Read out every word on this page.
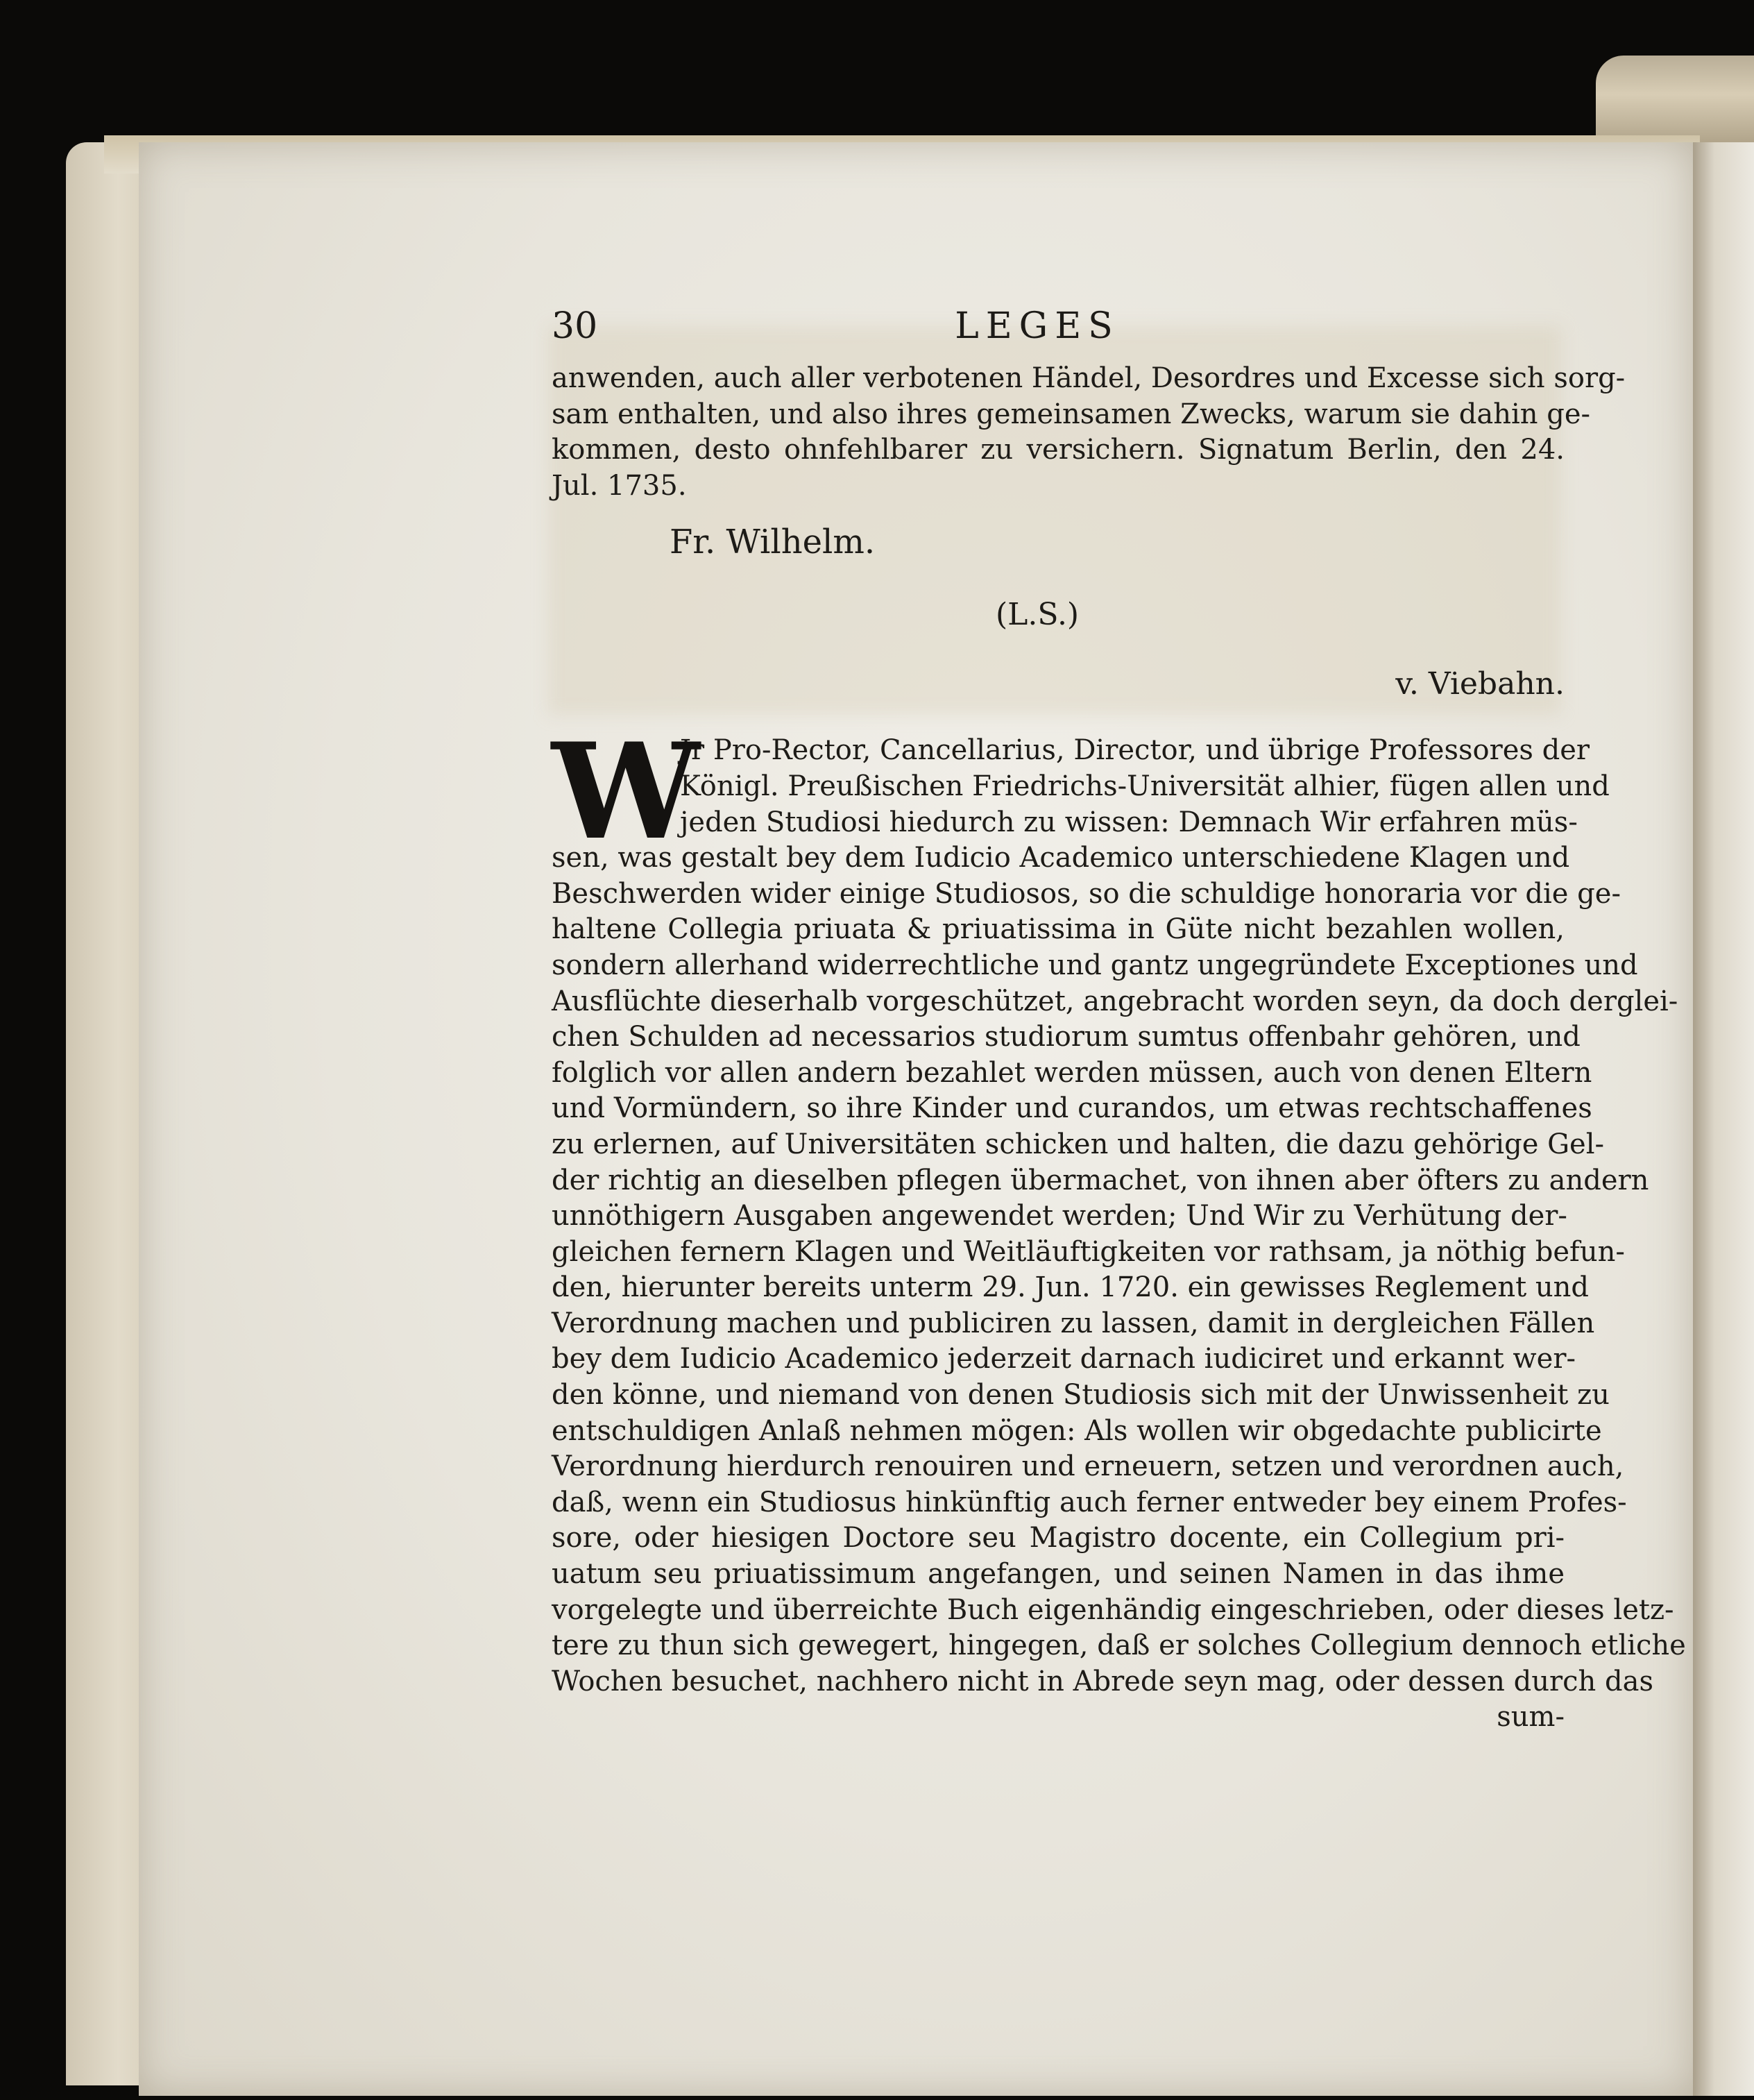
30	LEGES
anwenden, auch aller verbotenen Händel, Desordres und Excesse sich sorg-
sam enthalten, und also ihres gemeinsamen Zwecks, warum sie dahin ge-
kommen, desto ohnfehlbarer zu versichern. Signatum Berlin, den 24.
Jul. 1735.
Fr. Wilhelm.
(L.S.)
v. Viebahn.
W
Jr Pro-Rector, Cancellarius, Director, und übrige Professores der
Königl. Preußischen Friedrichs-Universität alhier, fügen allen und
jeden Studiosi hiedurch zu wissen: Demnach Wir erfahren müs-
sen, was gestalt bey dem Iudicio Academico unterschiedene Klagen und
Beschwerden wider einige Studiosos, so die schuldige honoraria vor die ge-
haltene Collegia priuata & priuatissima in Güte nicht bezahlen wollen,
sondern allerhand widerrechtliche und gantz ungegründete Exceptiones und
Ausflüchte dieserhalb vorgeschützet, angebracht worden seyn, da doch derglei-
chen Schulden ad necessarios studiorum sumtus offenbahr gehören, und
folglich vor allen andern bezahlet werden müssen, auch von denen Eltern
und Vormündern, so ihre Kinder und curandos, um etwas rechtschaffenes
zu erlernen, auf Universitäten schicken und halten, die dazu gehörige Gel-
der richtig an dieselben pflegen übermachet, von ihnen aber öfters zu andern
unnöthigern Ausgaben angewendet werden; Und Wir zu Verhütung der-
gleichen fernern Klagen und Weitläuftigkeiten vor rathsam, ja nöthig befun-
den, hierunter bereits unterm 29. Jun. 1720. ein gewisses Reglement und
Verordnung machen und publiciren zu lassen, damit in dergleichen Fällen
bey dem Iudicio Academico jederzeit darnach iudiciret und erkannt wer-
den könne, und niemand von denen Studiosis sich mit der Unwissenheit zu
entschuldigen Anlaß nehmen mögen: Als wollen wir obgedachte publicirte
Verordnung hierdurch renouiren und erneuern, setzen und verordnen auch,
daß, wenn ein Studiosus hinkünftig auch ferner entweder bey einem Profes-
sore, oder hiesigen Doctore seu Magistro docente, ein Collegium pri-
uatum seu priuatissimum angefangen, und seinen Namen in das ihme
vorgelegte und überreichte Buch eigenhändig eingeschrieben, oder dieses letz-
tere zu thun sich gewegert, hingegen, daß er solches Collegium dennoch etliche
Wochen besuchet, nachhero nicht in Abrede seyn mag, oder dessen durch das
sum-
